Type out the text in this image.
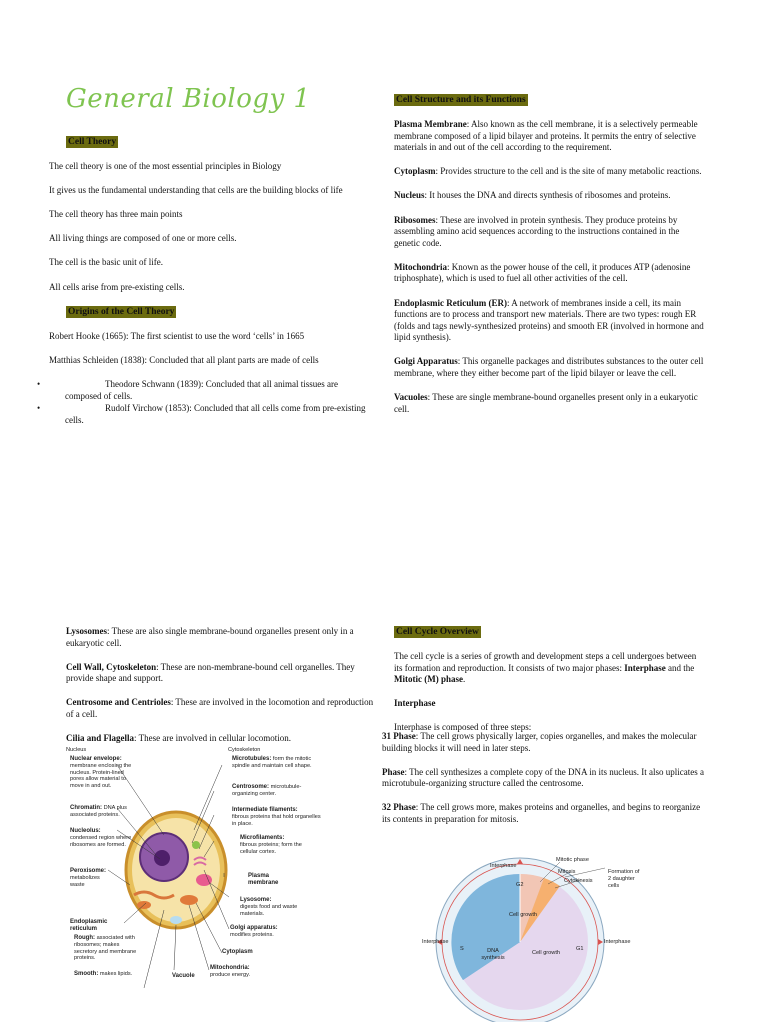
General Biology 1

Cell Theory

The cell theory is one of the most essential principles in Biology

It gives us the fundamental understanding that cells are the building blocks of life

The cell theory has three main points

All living things are composed of one or more cells.

The cell is the basic unit of life.

All cells arise from pre-existing cells.

Origins of the Cell Theory

Robert Hooke (1665): The first scientist to use the word ‘cells’ in 1665

Matthias Schleiden (1838): Concluded that all plant parts are made of cells

•	Theodore Schwann (1839): Concluded that all animal tissues are composed of cells.

•	Rudolf Virchow (1853): Concluded that all cells come from pre-existing cells.

Cell Structure and its Functions

Plasma Membrane: Also known as the cell membrane, it is a selectively permeable membrane composed of a lipid bilayer and proteins. It permits the entry of selective materials in and out of the cell according to the requirement.

Cytoplasm: Provides structure to the cell and is the site of many metabolic reactions.

Nucleus: It houses the DNA and directs synthesis of ribosomes and proteins.

Ribosomes: These are involved in protein synthesis. They produce proteins by assembling amino acid sequences according to the instructions contained in the genetic code.

Mitochondria: Known as the power house of the cell, it produces ATP (adenosine triphosphate), which is used to fuel all other activities of the cell.

Endoplasmic Reticulum (ER): A network of membranes inside a cell, its main functions are to process and transport new materials. There are two types: rough ER (folds and tags newly-synthesized proteins) and smooth ER (involved in hormone and lipid synthesis).

Golgi Apparatus: This organelle packages and distributes substances to the outer cell membrane, where they either become part of the lipid bilayer or leave the cell.

Vacuoles: These are single membrane-bound organelles present only in a eukaryotic cell.

Lysosomes: These are also single membrane-bound organelles present only in a eukaryotic cell.

Cell Wall, Cytoskeleton: These are non-membrane-bound cell organelles. They provide shape and support.

Centrosome and Centrioles: These are involved in the locomotion and reproduction of a cell.

Cilia and Flagella: These are involved in cellular locomotion.

Nucleus
Nuclear envelope:
membrane enclosing the nucleus. Protein-lined pores allow material to move in and out.
Chromatin: DNA plus associated proteins.
Nucleolus:
condensed region where ribosomes are formed.
Peroxisome:
metabolizes waste
Endoplasmic reticulum
Rough: associated with ribosomes; makes secretory and membrane proteins.
Smooth: makes lipids.	Vacuole
Cytoskeleton
Microtubules: form the mitotic spindle and maintain cell shape.
Centrosome: microtubule-organizing center.
Intermediate filaments:
fibrous proteins that hold organelles in place.
Microfilaments:
fibrous proteins; form the cellular cortex.
Plasma membrane
Lysosome:
digests food and waste materials.
Golgi apparatus:
modifies proteins.
Cytoplasm
Mitochondria:
produce energy.

Cell Cycle Overview

The cell cycle is a series of growth and development steps a cell undergoes between its formation and reproduction. It consists of two major phases: Interphase and the Mitotic (M) phase.

Interphase

Interphase is composed of three steps:

31 Phase: The cell grows physically larger, copies organelles, and makes the molecular building blocks it will need in later steps.

Phase: The cell synthesizes a complete copy of the DNA in its nucleus. It also uplicates a microtubule-organizing structure called the centrosome.

32 Phase: The cell grows more, makes proteins and organelles, and begins to reorganize its contents in preparation for mitosis.

Mitotic phase
Mitosis
Cytokinesis
Formation of 2 daughter cells
Interphase
Interphase	Interphase
Cell growth
DNA synthesis
Cell growth
G2
S	G1
